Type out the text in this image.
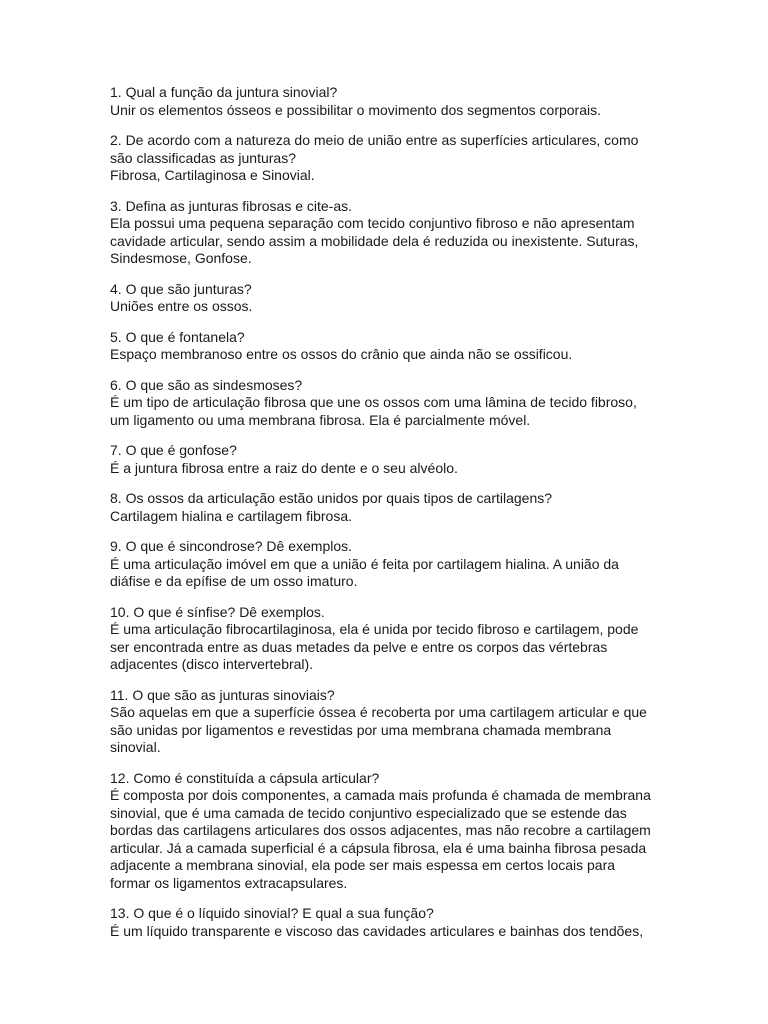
1. Qual a função da juntura sinovial?

Unir os elementos ósseos e possibilitar o movimento dos segmentos corporais.

2. De acordo com a natureza do meio de união entre as superfícies articulares, como são classificadas as junturas?

Fibrosa, Cartilaginosa e Sinovial.

3. Defina as junturas fibrosas e cite-as.

Ela possui uma pequena separação com tecido conjuntivo fibroso e não apresentam cavidade articular, sendo assim a mobilidade dela é reduzida ou inexistente. Suturas, Sindesmose, Gonfose.

4. O que são junturas?

Uniões entre os ossos.

5. O que é fontanela?

Espaço membranoso entre os ossos do crânio que ainda não se ossificou.

6. O que são as sindesmoses?

É um tipo de articulação fibrosa que une os ossos com uma lâmina de tecido fibroso, um ligamento ou uma membrana fibrosa. Ela é parcialmente móvel.

7. O que é gonfose?

É a juntura fibrosa entre a raiz do dente e o seu alvéolo.

8. Os ossos da articulação estão unidos por quais tipos de cartilagens?

Cartilagem hialina e cartilagem fibrosa.

9. O que é sincondrose? Dê exemplos.

É uma articulação imóvel em que a união é feita por cartilagem hialina. A união da diáfise e da epífise de um osso imaturo.

10. O que é sínfise? Dê exemplos.

É uma articulação fibrocartilaginosa, ela é unida por tecido fibroso e cartilagem, pode ser encontrada entre as duas metades da pelve e entre os corpos das vértebras adjacentes (disco intervertebral).

11. O que são as junturas sinoviais?

São aquelas em que a superfície óssea é recoberta por uma cartilagem articular e que são unidas por ligamentos e revestidas por uma membrana chamada membrana sinovial.

12. Como é constituída a cápsula articular?

É composta por dois componentes, a camada mais profunda é chamada de membrana sinovial, que é uma camada de tecido conjuntivo especializado que se estende das bordas das cartilagens articulares dos ossos adjacentes, mas não recobre a cartilagem articular. Já a camada superficial é a cápsula fibrosa, ela é uma bainha fibrosa pesada adjacente a membrana sinovial, ela pode ser mais espessa em certos locais para formar os ligamentos extracapsulares.

13. O que é o líquido sinovial? E qual a sua função?

É um líquido transparente e viscoso das cavidades articulares e bainhas dos tendões,
